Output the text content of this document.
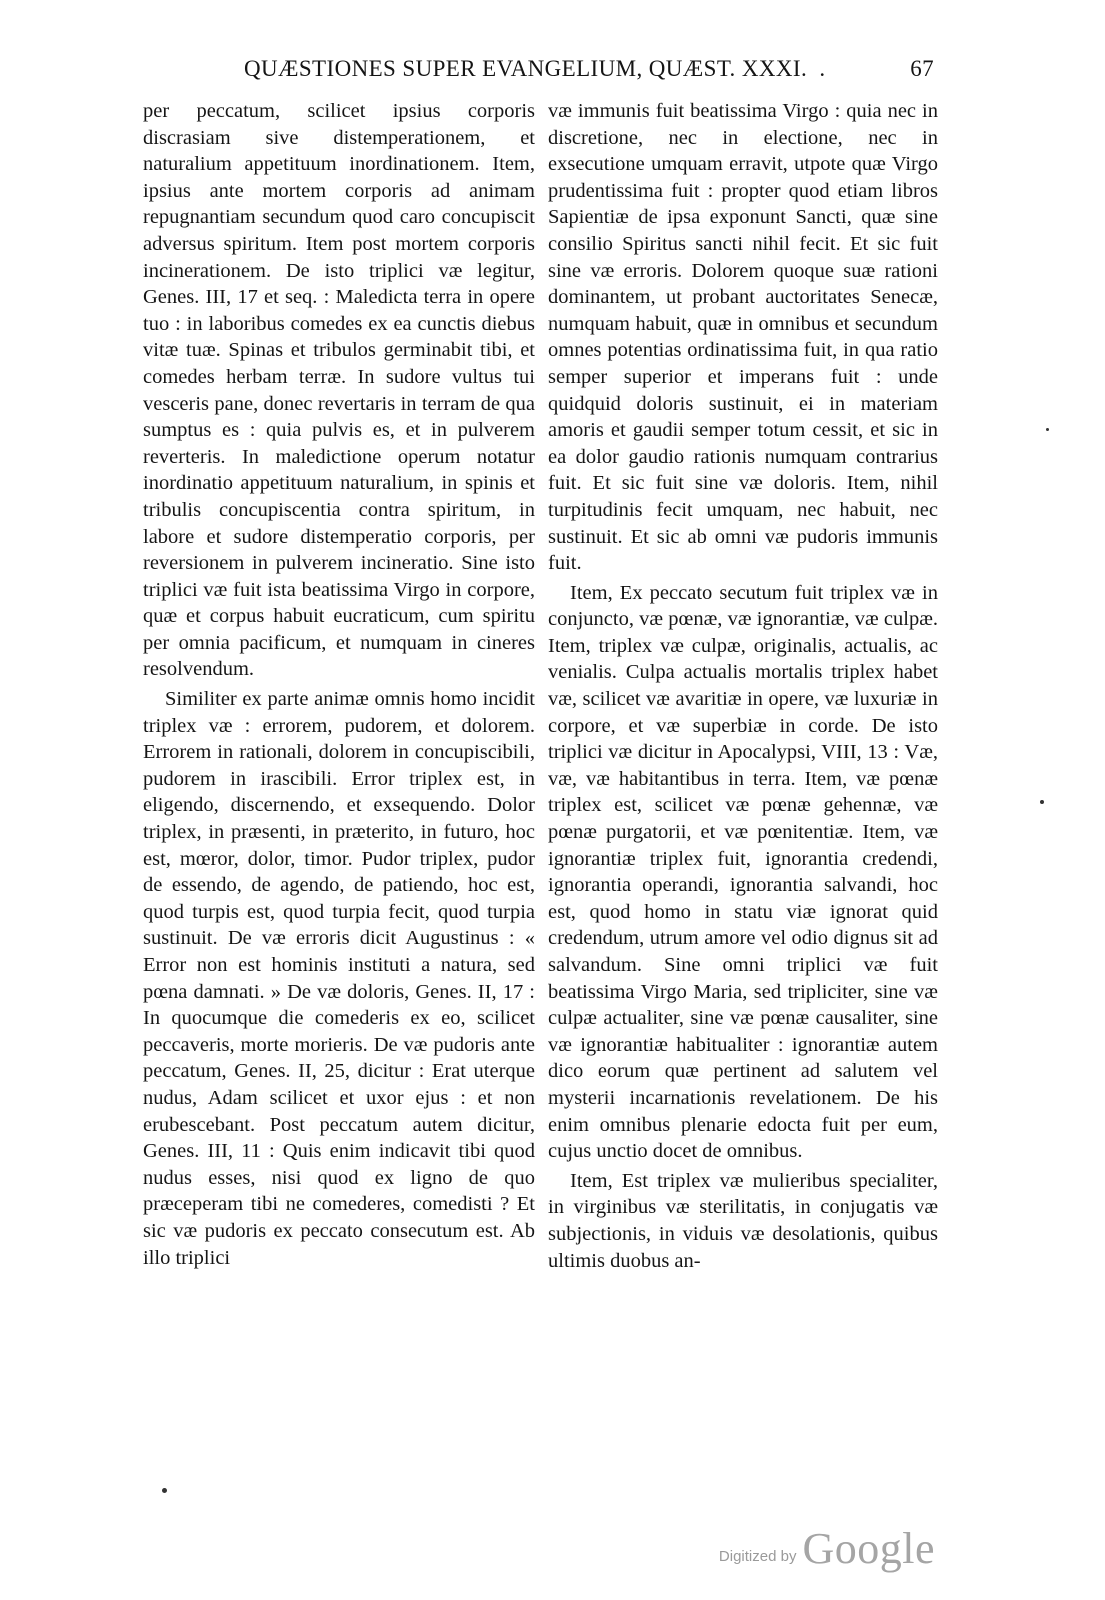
QUÆSTIONES SUPER EVANGELIUM, QUÆST. XXXI. .	67

per peccatum, scilicet ipsius corporis discrasiam sive distemperationem, et naturalium appetituum inordinationem. Item, ipsius ante mortem corporis ad animam repugnantiam secundum quod caro concupiscit adversus spiritum. Item post mortem corporis incinerationem. De isto triplici væ legitur, Genes. III, 17 et seq. : Maledicta terra in opere tuo : in laboribus comedes ex ea cunctis diebus vitæ tuæ. Spinas et tribulos germinabit tibi, et comedes herbam terræ. In sudore vultus tui vesceris pane, donec revertaris in terram de qua sumptus es : quia pulvis es, et in pulverem reverteris. In maledictione operum notatur inordinatio appetituum naturalium, in spinis et tribulis concupiscentia contra spiritum, in labore et sudore distemperatio corporis, per reversionem in pulverem incineratio. Sine isto triplici væ fuit ista beatissima Virgo in corpore, quæ et corpus habuit eucraticum, cum spiritu per omnia pacificum, et numquam in cineres resolvendum.

Similiter ex parte animæ omnis homo incidit triplex væ : errorem, pudorem, et dolorem. Errorem in rationali, dolorem in concupiscibili, pudorem in irascibili. Error triplex est, in eligendo, discernendo, et exsequendo. Dolor triplex, in præsenti, in præterito, in futuro, hoc est, mœror, dolor, timor. Pudor triplex, pudor de essendo, de agendo, de patiendo, hoc est, quod turpis est, quod turpia fecit, quod turpia sustinuit. De væ erroris dicit Augustinus : « Error non est hominis instituti a natura, sed pœna damnati. » De væ doloris, Genes. II, 17 : In quocumque die comederis ex eo, scilicet peccaveris, morte morieris. De væ pudoris ante peccatum, Genes. II, 25, dicitur : Erat uterque nudus, Adam scilicet et uxor ejus : et non erubescebant. Post peccatum autem dicitur, Genes. III, 11 : Quis enim indicavit tibi quod nudus esses, nisi quod ex ligno de quo præceperam tibi ne comederes, comedisti ? Et sic væ pudoris ex peccato consecutum est. Ab illo triplici

væ immunis fuit beatissima Virgo : quia nec in discretione, nec in electione, nec in exsecutione umquam erravit, utpote quæ Virgo prudentissima fuit : propter quod etiam libros Sapientiæ de ipsa exponunt Sancti, quæ sine consilio Spiritus sancti nihil fecit. Et sic fuit sine væ erroris. Dolorem quoque suæ rationi dominantem, ut probant auctoritates Senecæ, numquam habuit, quæ in omnibus et secundum omnes potentias ordinatissima fuit, in qua ratio semper superior et imperans fuit : unde quidquid doloris sustinuit, ei in materiam amoris et gaudii semper totum cessit, et sic in ea dolor gaudio rationis numquam contrarius fuit. Et sic fuit sine væ doloris. Item, nihil turpitudinis fecit umquam, nec habuit, nec sustinuit. Et sic ab omni væ pudoris immunis fuit.

Item, Ex peccato secutum fuit triplex væ in conjuncto, væ pœnæ, væ ignorantiæ, væ culpæ. Item, triplex væ culpæ, originalis, actualis, ac venialis. Culpa actualis mortalis triplex habet væ, scilicet væ avaritiæ in opere, væ luxuriæ in corpore, et væ superbiæ in corde. De isto triplici væ dicitur in Apocalypsi, VIII, 13 : Væ, væ, væ habitantibus in terra. Item, væ pœnæ triplex est, scilicet væ pœnæ gehennæ, væ pœnæ purgatorii, et væ pœnitentiæ. Item, væ ignorantiæ triplex fuit, ignorantia credendi, ignorantia operandi, ignorantia salvandi, hoc est, quod homo in statu viæ ignorat quid credendum, utrum amore vel odio dignus sit ad salvandum. Sine omni triplici væ fuit beatissima Virgo Maria, sed tripliciter, sine væ culpæ actualiter, sine væ pœnæ causaliter, sine væ ignorantiæ habitualiter : ignorantiæ autem dico eorum quæ pertinent ad salutem vel mysterii incarnationis revelationem. De his enim omnibus plenarie edocta fuit per eum, cujus unctio docet de omnibus.

Item, Est triplex væ mulieribus specialiter, in virginibus væ sterilitatis, in conjugatis væ subjectionis, in viduis væ desolationis, quibus ultimis duobus an-

Digitized by Google
